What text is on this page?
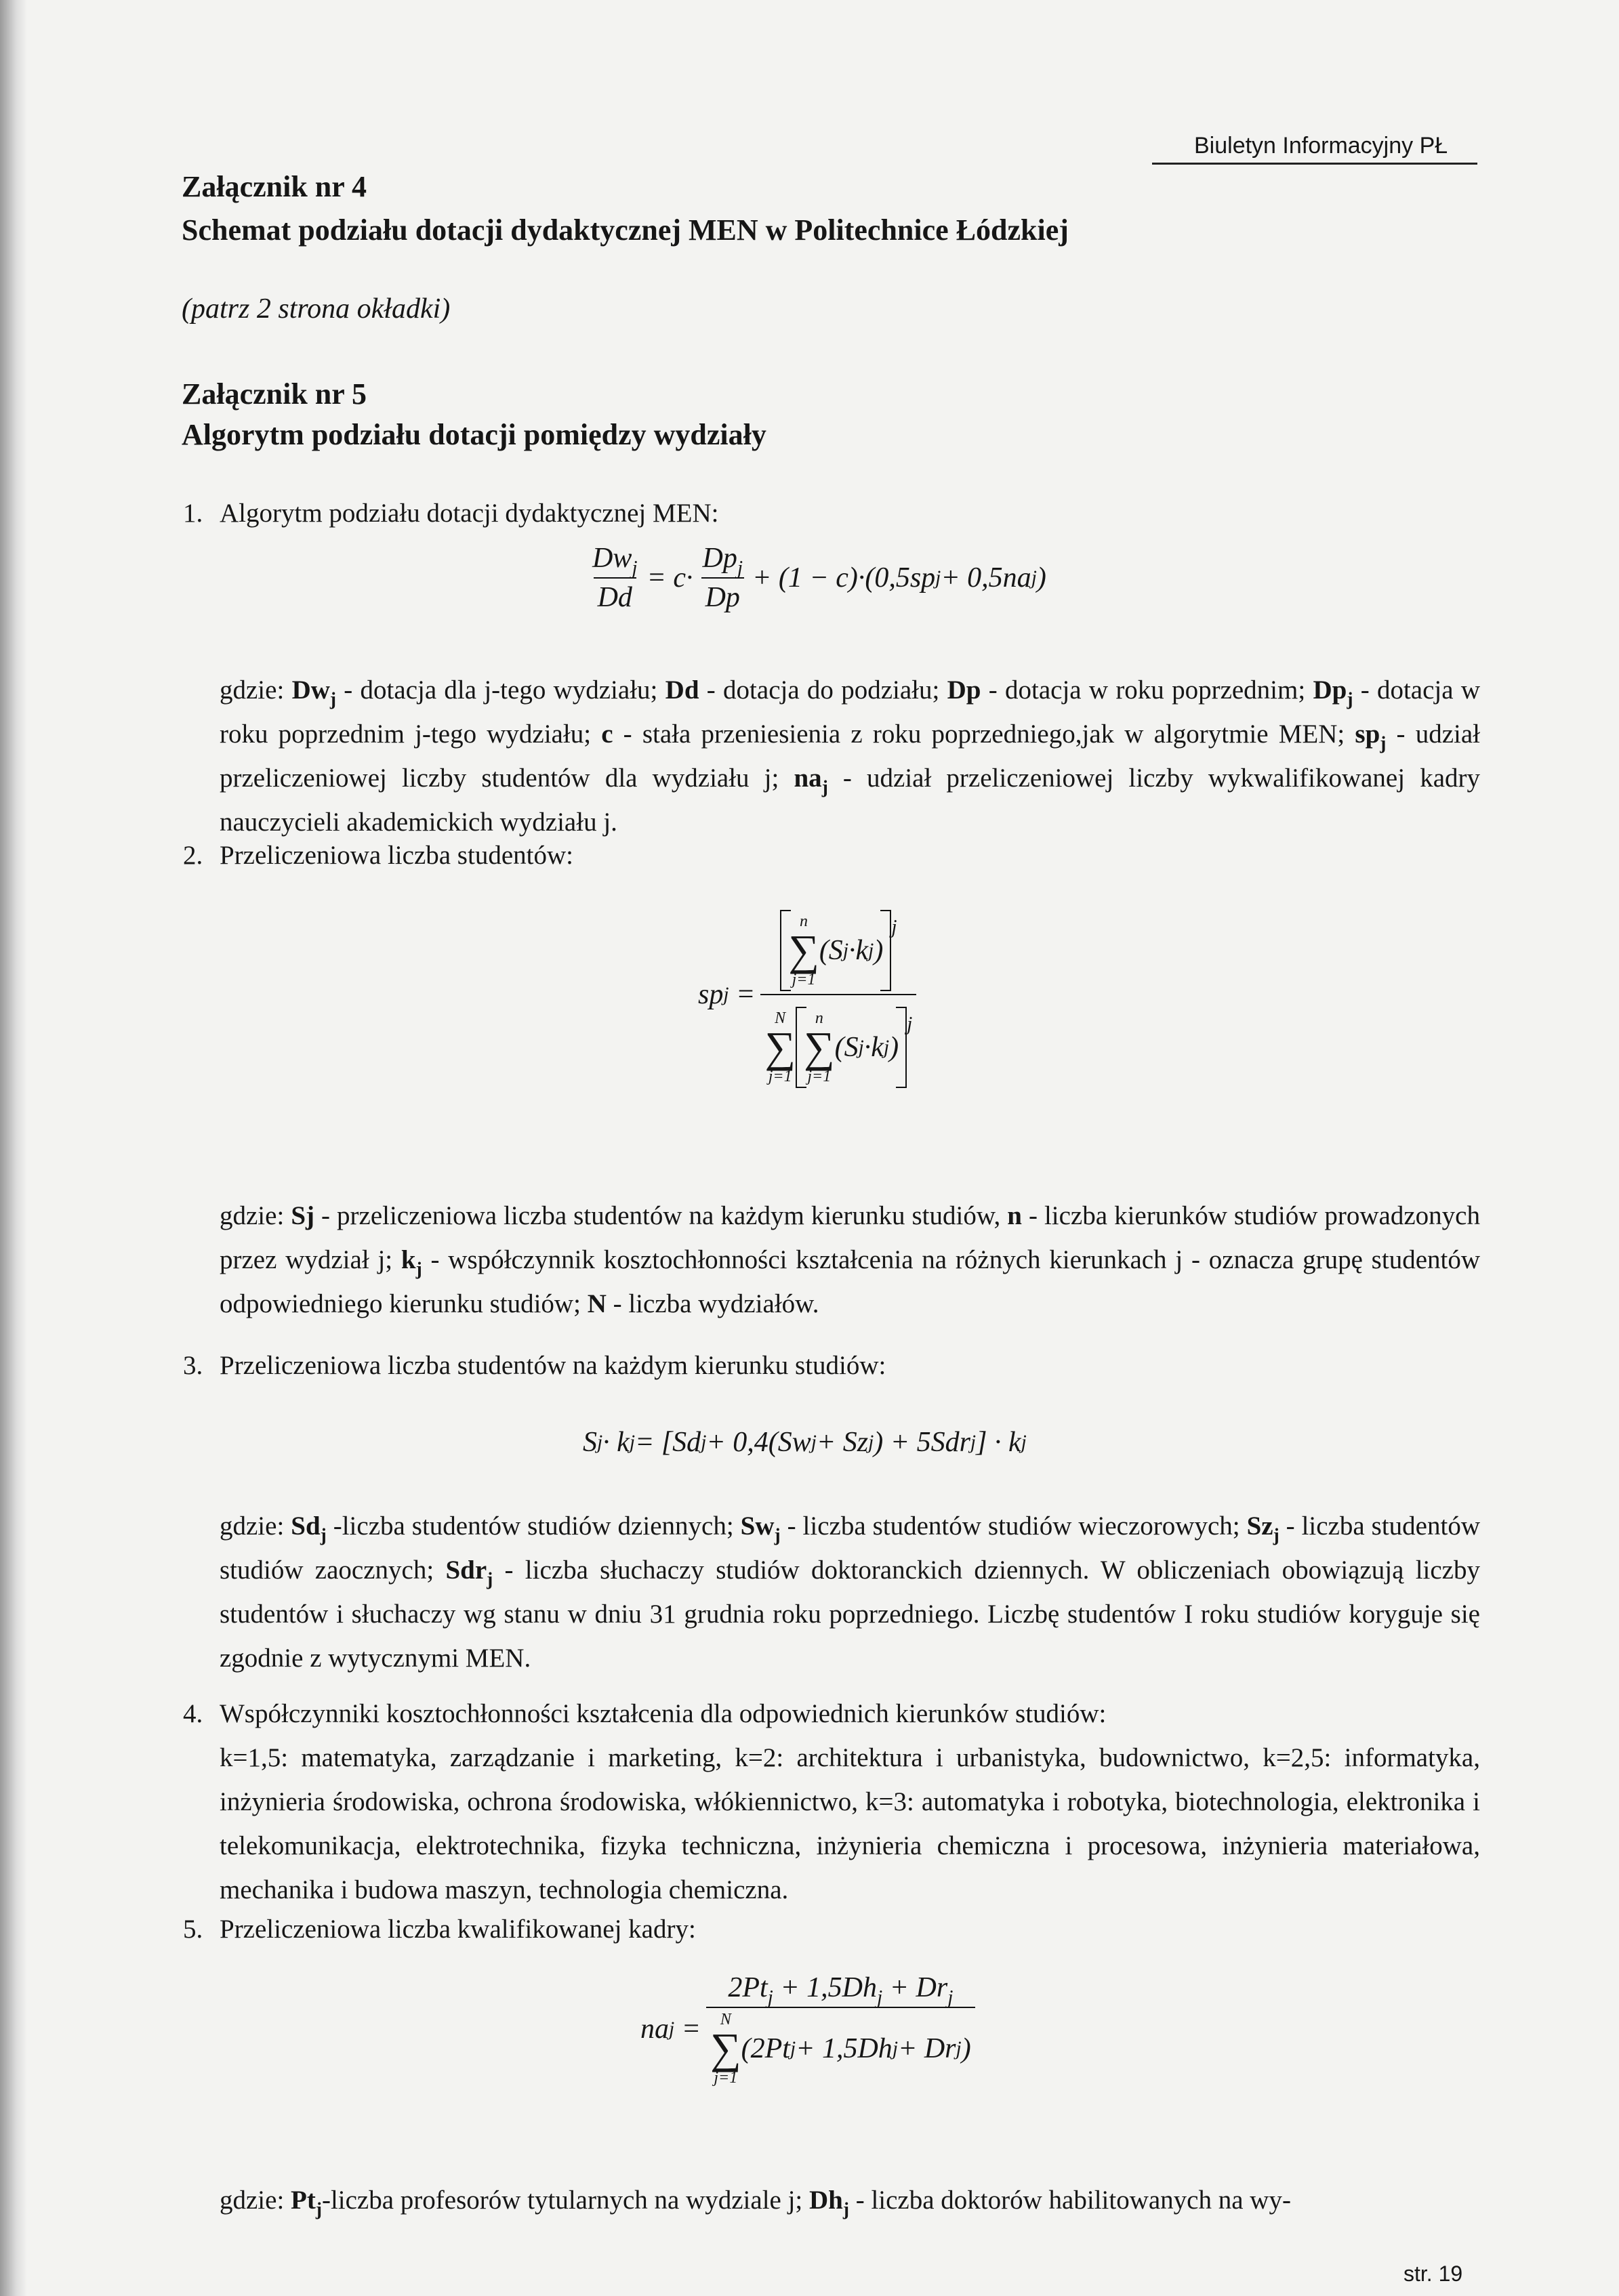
Biuletyn Informacyjny PŁ
Załącznik nr 4
Schemat podziału dotacji dydaktycznej MEN w Politechnice Łódzkiej
(patrz 2 strona okładki)
Załącznik nr 5
Algorytm podziału dotacji pomiędzy wydziały
1. Algorytm podziału dotacji dydaktycznej MEN:
$\frac{Dw_j}{Dd} = c\cdot \frac{Dp_j}{Dp} + (1 - c)\cdot(0,5sp$ j + 0,5na j )
gdzie: $Dw_j$ - dotacja dla j-tego wydziału; Dd - dotacja do podziału; Dp - dotacja w roku poprzednim; $Dp_j$ - dotacja w roku poprzednim j-tego wydziału; c - stała przeniesienia z roku poprzedniego,jak w algorytmie MEN; $sp_j$ - udział przeliczeniowej liczby studentów dla wydziału j; $na_j$ - udział przeliczeniowej liczby wykwalifikowanej kadry nauczycieli akademickich wydziału j.
2. Przeliczeniowa liczba studentów:
sp j
= n
∑
j=1
(S j ·k j )
$_j$
N
∑
j=1
n
∑
j=1
(S j ·k j )
$_j$
gdzie: Sj - przeliczeniowa liczba studentów na każdym kierunku studiów, n - liczba kierunków studiów prowadzonych przez wydział j; $k_j$ - współczynnik kosztochłonności kształcenia na różnych kierunkach j - oznacza grupę studentów odpowiedniego kierunku studiów; N - liczba wydziałów.
3. Przeliczeniowa liczba studentów na każdym kierunku studiów:
S j · k j = [Sd j + 0,4(Sw j + Sz j ) + 5Sdr j ] · k j
gdzie: $Sd_j$ -liczba studentów studiów dziennych; $Sw_j$ - liczba studentów studiów wieczorowych; $Sz_j$ - liczba studentów studiów zaocznych; Sdr$_j$ - liczba słuchaczy studiów doktoranckich dziennych. W obliczeniach obowiązują liczby studentów i słuchaczy wg stanu w dniu 31 grudnia roku poprzedniego. Liczbę studentów I roku studiów koryguje się zgodnie z wytycznymi MEN.
4. Współczynniki kosztochłonności kształcenia dla odpowiednich kierunków studiów:
k=1,5: matematyka, zarządzanie i marketing, k=2: architektura i urbanistyka, budownictwo, k=2,5: informatyka, inżynieria środowiska, ochrona środowiska, włókiennictwo, k=3: automatyka i robotyka, biotechnologia, elektronika i telekomunikacja, elektrotechnika, fizyka techniczna, inżynieria chemiczna i procesowa, inżynieria materiałowa, mechanika i budowa maszyn, technologia chemiczna.
5. Przeliczeniowa liczba kwalifikowanej kadry:
na j
= $2Pt_j + 1,5Dh_j + Dr_j$
N
∑
j=1
(2Pt j + 1,5Dh j + Dr j )
gdzie: $Pt_j$-liczba profesorów tytularnych na wydziale j; $Dh_j$ - liczba doktorów habilitowanych na wy-
str. 19
